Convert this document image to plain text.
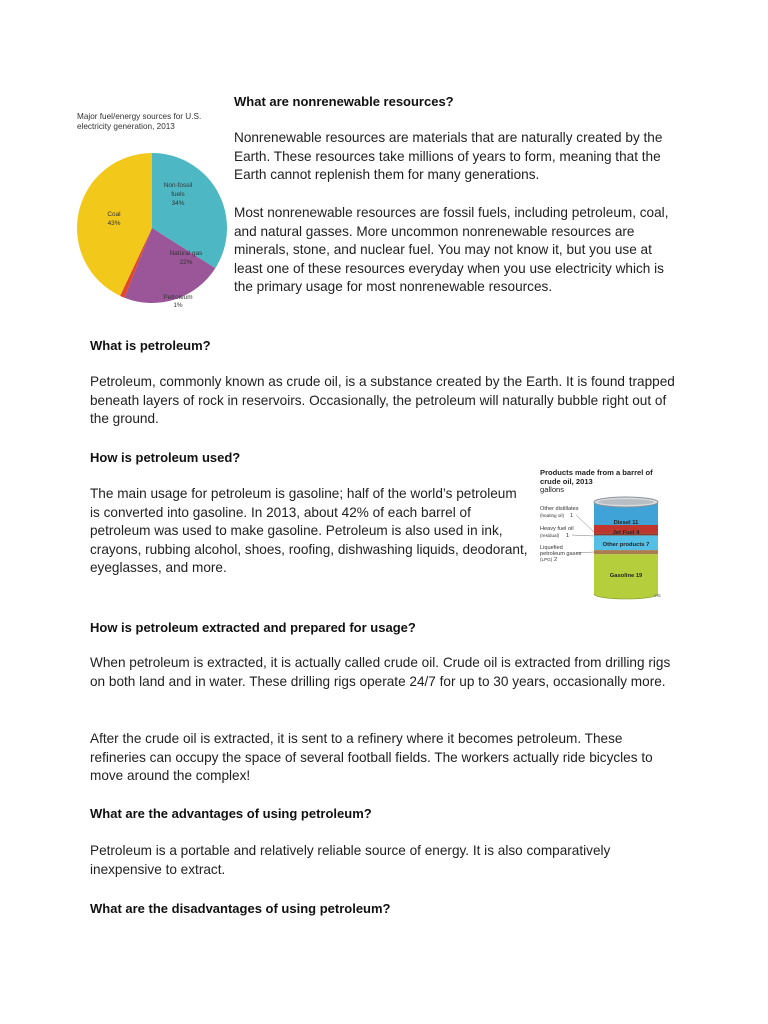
Major fuel/energy sources for U.S. electricity generation, 2013
Non-fossil
fuels
34%
Coal
43%
Natural gas
22%
Petroleum
1%
What are nonrenewable resources?

Nonrenewable resources are materials that are naturally created by the Earth. These resources take millions of years to form, meaning that the Earth cannot replenish them for many generations.

Most nonrenewable resources are fossil fuels, including petroleum, coal, and natural gasses. More uncommon nonrenewable resources are minerals, stone, and nuclear fuel. You may not know it, but you use at least one of these resources everyday when you use electricity which is the primary usage for most nonrenewable resources.

What is petroleum?

Petroleum, commonly known as crude oil, is a substance created by the Earth. It is found trapped beneath layers of rock in reservoirs. Occasionally, the petroleum will naturally bubble right out of the ground.

How is petroleum used?

The main usage for petroleum is gasoline; half of the world’s petroleum is converted into gasoline. In 2013, about 42% of each barrel of petroleum was used to make gasoline. Petroleum is also used in ink, crayons, rubbing alcohol, shoes, roofing, dishwashing liquids, deodorant, eyeglasses, and more.

Products made from a barrel of crude oil, 2013
gallons
Diesel 11
Jet Fuel 4
Other products 7
Gasoline 19
Other distillates
(heating oil) 1
Heavy fuel oil
(residual) 1
Liquefied
petroleum gases
(LPG) 2
eia
How is petroleum extracted and prepared for usage?

When petroleum is extracted, it is actually called crude oil. Crude oil is extracted from drilling rigs on both land and in water. These drilling rigs operate 24/7 for up to 30 years, occasionally more.

After the crude oil is extracted, it is sent to a refinery where it becomes petroleum. These refineries can occupy the space of several football fields. The workers actually ride bicycles to move around the complex!

What are the advantages of using petroleum?

Petroleum is a portable and relatively reliable source of energy. It is also comparatively inexpensive to extract.

What are the disadvantages of using petroleum?
